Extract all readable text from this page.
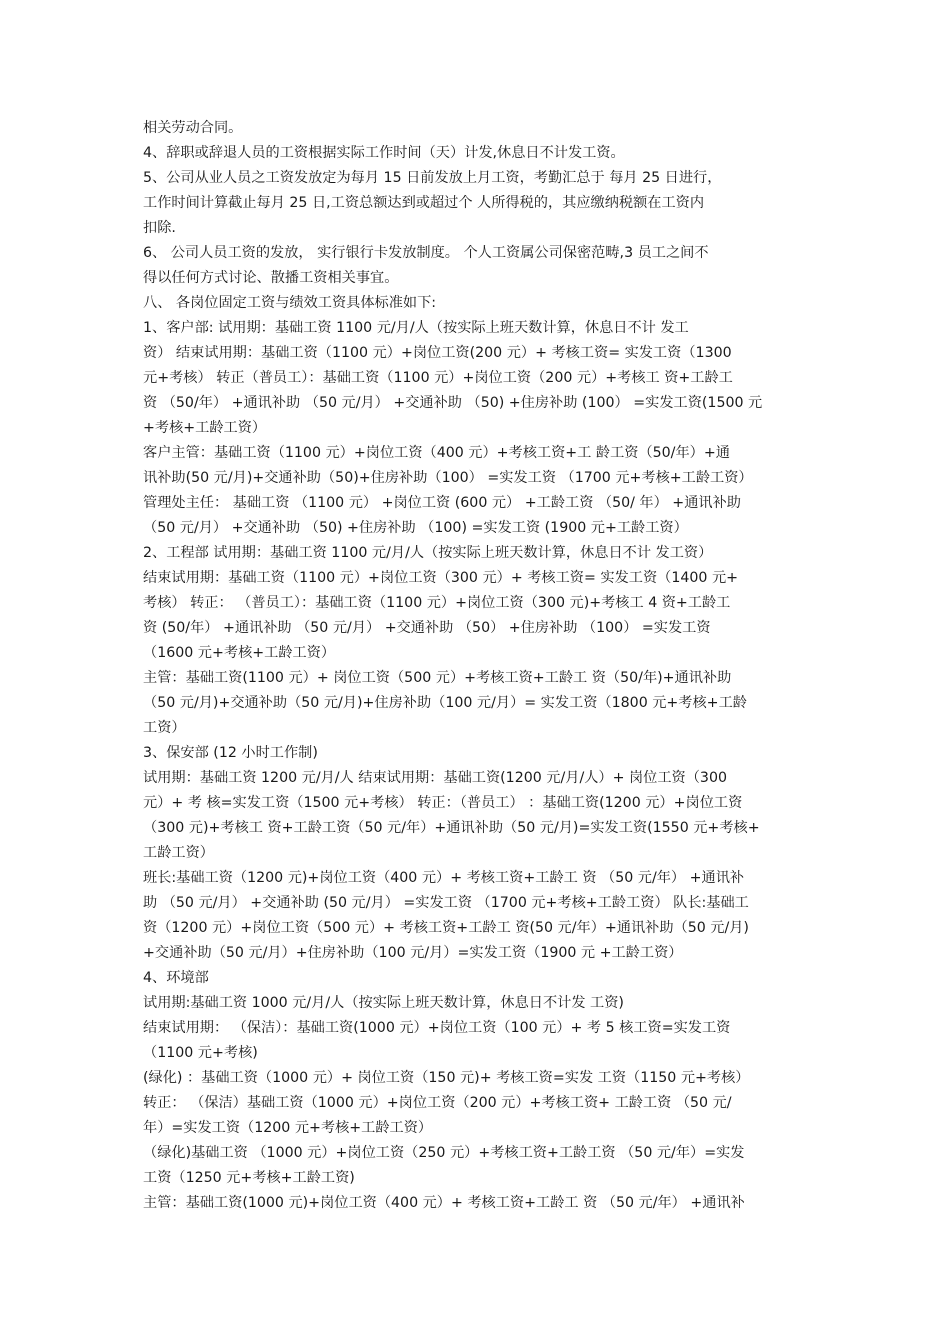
相关劳动合同。
4、辞职或辞退人员的工资根据实际工作时间（天）计发,休息日不计发工资。
5、公司从业人员之工资发放定为每月 15 日前发放上月工资，考勤汇总于 每月 25 日进行，
工作时间计算截止每月 25 日,工资总额达到或超过个 人所得税的，其应缴纳税额在工资内
扣除.
6、 公司人员工资的发放， 实行银行卡发放制度。 个人工资属公司保密范畴,3 员工之间不
得以任何方式讨论、散播工资相关事宜。
八、 各岗位固定工资与绩效工资具体标准如下:
1、客户部: 试用期：基础工资 1100 元/月/人（按实际上班天数计算，休息日不计 发工
资） 结束试用期：基础工资（1100 元）+岗位工资(200 元）+ 考核工资= 实发工资（1300
元+考核） 转正（普员工）：基础工资（1100 元）+岗位工资（200 元）+考核工 资+工龄工
资 （50/年） +通讯补助 （50 元/月） +交通补助 （50) +住房补助 (100） =实发工资(1500 元
+考核+工龄工资）
客户主管：基础工资（1100 元）+岗位工资（400 元）+考核工资+工 龄工资（50/年）+通
讯补助(50 元/月)+交通补助（50)+住房补助（100） =实发工资 （1700 元+考核+工龄工资）
管理处主任： 基础工资 （1100 元） +岗位工资 (600 元） +工龄工资 （50/ 年） +通讯补助
（50 元/月） +交通补助 （50) +住房补助 （100) =实发工资 (1900 元+工龄工资）
2、工程部 试用期：基础工资 1100 元/月/人（按实际上班天数计算，休息日不计 发工资）
结束试用期：基础工资（1100 元）+岗位工资（300 元）+ 考核工资= 实发工资（1400 元+
考核） 转正： （普员工）：基础工资（1100 元）+岗位工资（300 元)+考核工 4 资+工龄工
资 (50/年） +通讯补助 （50 元/月） +交通补助 （50） +住房补助 （100） =实发工资
（1600 元+考核+工龄工资）
主管：基础工资(1100 元）+ 岗位工资（500 元）+考核工资+工龄工 资（50/年)+通讯补助
（50 元/月)+交通补助（50 元/月)+住房补助（100 元/月）= 实发工资（1800 元+考核+工龄
工资）
3、保安部 (12 小时工作制)
试用期：基础工资 1200 元/月/人 结束试用期：基础工资(1200 元/月/人）+ 岗位工资（300
元）+ 考 核=实发工资（1500 元+考核） 转正：（普员工） ：基础工资(1200 元）+岗位工资
（300 元)+考核工 资+工龄工资（50 元/年）+通讯补助（50 元/月)=实发工资(1550 元+考核+
工龄工资）
班长:基础工资（1200 元)+岗位工资（400 元）+ 考核工资+工龄工 资 （50 元/年） +通讯补
助 （50 元/月） +交通补助 (50 元/月） =实发工资 （1700 元+考核+工龄工资） 队长:基础工
资（1200 元）+岗位工资（500 元）+ 考核工资+工龄工 资(50 元/年）+通讯补助（50 元/月)
+交通补助（50 元/月）+住房补助（100 元/月）=实发工资（1900 元 +工龄工资）
4、环境部
试用期:基础工资 1000 元/月/人（按实际上班天数计算，休息日不计发 工资)
结束试用期： （保洁）：基础工资(1000 元）+岗位工资（100 元）+ 考 5 核工资=实发工资
（1100 元+考核)
(绿化) ：基础工资（1000 元）+ 岗位工资（150 元)+ 考核工资=实发 工资（1150 元+考核）
转正： （保洁）基础工资（1000 元）+岗位工资（200 元）+考核工资+ 工龄工资 （50 元/
年）=实发工资（1200 元+考核+工龄工资）
（绿化)基础工资 （1000 元）+岗位工资（250 元）+考核工资+工龄工资 （50 元/年）=实发
工资（1250 元+考核+工龄工资)
主管：基础工资(1000 元)+岗位工资（400 元）+ 考核工资+工龄工 资 （50 元/年） +通讯补
